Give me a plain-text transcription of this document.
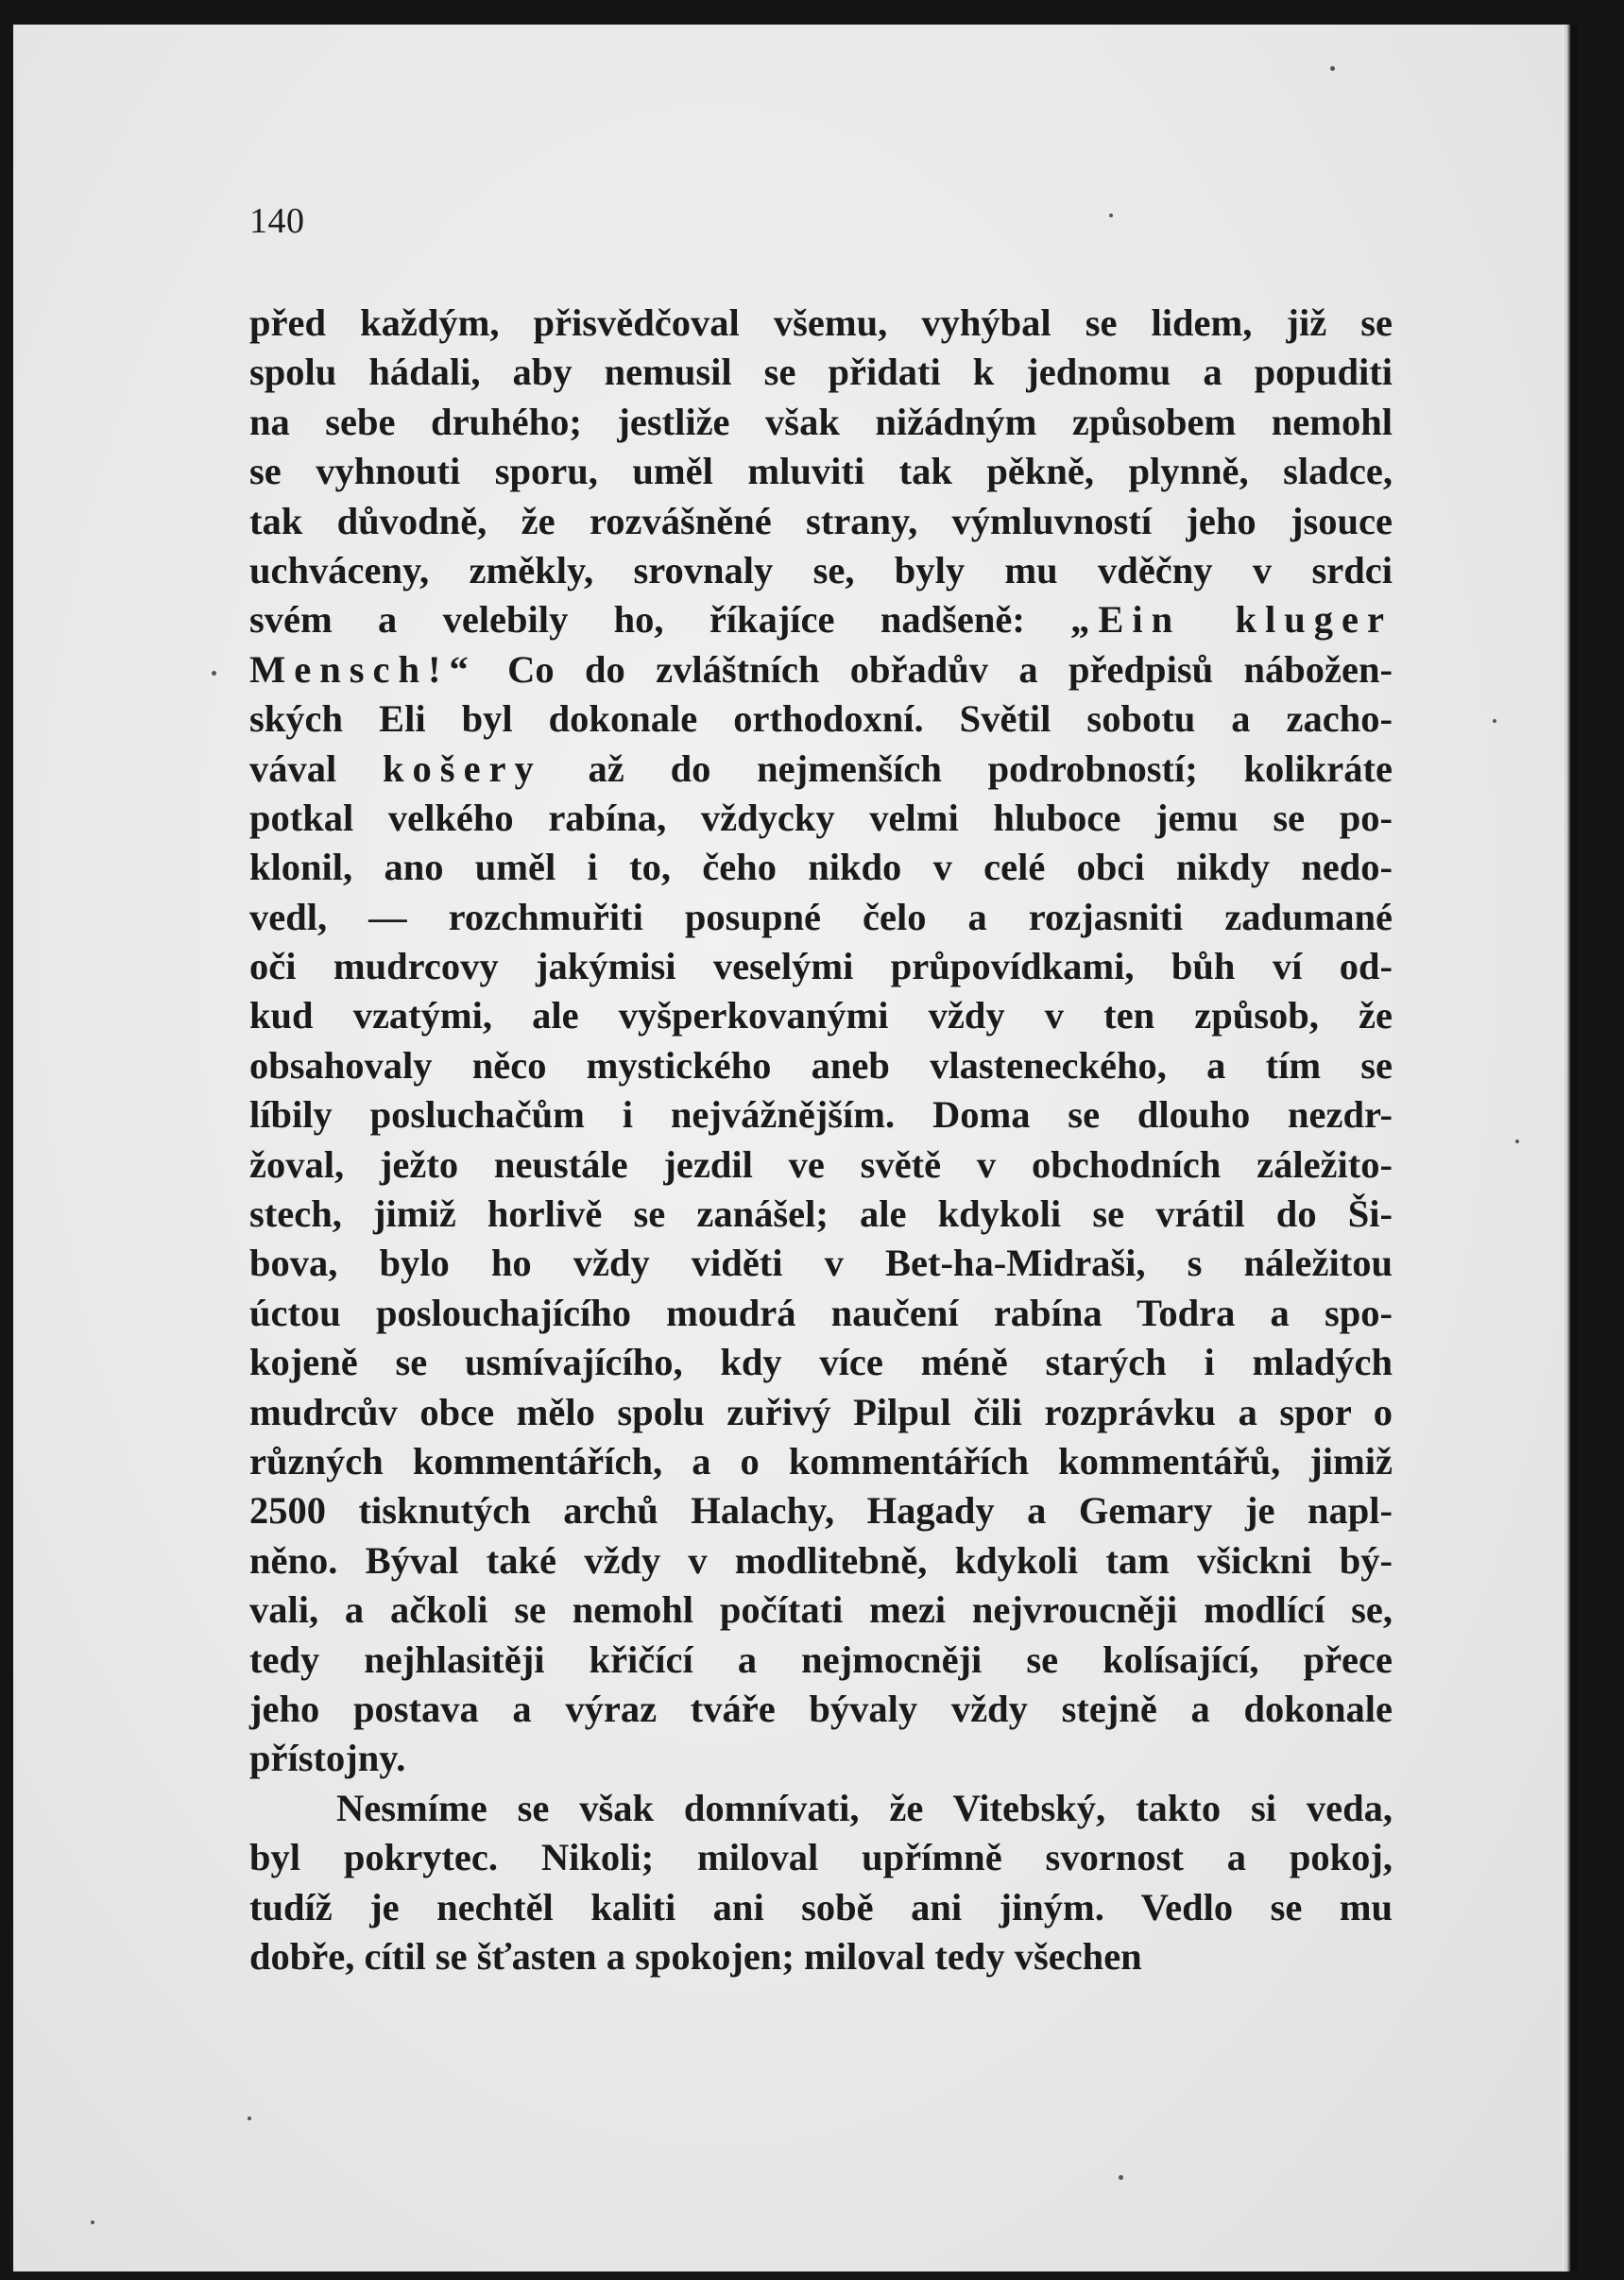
140
před každým, přisvědčoval všemu, vyhýbal se lidem, již se
spolu hádali, aby nemusil se přidati k jednomu a popuditi
na sebe druhého; jestliže však nižádným způsobem nemohl
se vyhnouti sporu, uměl mluviti tak pěkně, plynně, sladce,
tak důvodně, že rozvášněné strany, výmluvností jeho jsouce
uchváceny, změkly, srovnaly se, byly mu vděčny v srdci
svém a velebily ho, říkajíce nadšeně: „Ein kluger
Mensch!“ Co do zvláštních obřadův a předpisů nábožen-
ských Eli byl dokonale orthodoxní. Světil sobotu a zacho-
vával košery až do nejmenších podrobností; kolikráte
potkal velkého rabína, vždycky velmi hluboce jemu se po-
klonil, ano uměl i to, čeho nikdo v celé obci nikdy nedo-
vedl, — rozchmuřiti posupné čelo a rozjasniti zadumané
oči mudrcovy jakýmisi veselými průpovídkami, bůh ví od-
kud vzatými, ale vyšperkovanými vždy v ten způsob, že
obsahovaly něco mystického aneb vlasteneckého, a tím se
líbily posluchačům i nejvážnějším. Doma se dlouho nezdr-
žoval, ježto neustále jezdil ve světě v obchodních záležito-
stech, jimiž horlivě se zanášel; ale kdykoli se vrátil do Ši-
bova, bylo ho vždy viděti v Bet-ha-Midraši, s náležitou
úctou poslouchajícího moudrá naučení rabína Todra a spo-
kojeně se usmívajícího, kdy více méně starých i mladých
mudrcův obce mělo spolu zuřivý Pilpul čili rozprávku a spor o
různých kommentářích, a o kommentářích kommentářů, jimiž
2500 tisknutých archů Halachy, Hagady a Gemary je napl-
něno. Býval také vždy v modlitebně, kdykoli tam všickni bý-
vali, a ačkoli se nemohl počítati mezi nejvroucněji modlící se,
tedy nejhlasitěji křičící a nejmocněji se kolísající, přece
jeho postava a výraz tváře bývaly vždy stejně a dokonale
přístojny.
Nesmíme se však domnívati, že Vitebský, takto si veda,
byl pokrytec. Nikoli; miloval upřímně svornost a pokoj,
tudíž je nechtěl kaliti ani sobě ani jiným. Vedlo se mu
dobře, cítil se šťasten a spokojen; miloval tedy všechen
